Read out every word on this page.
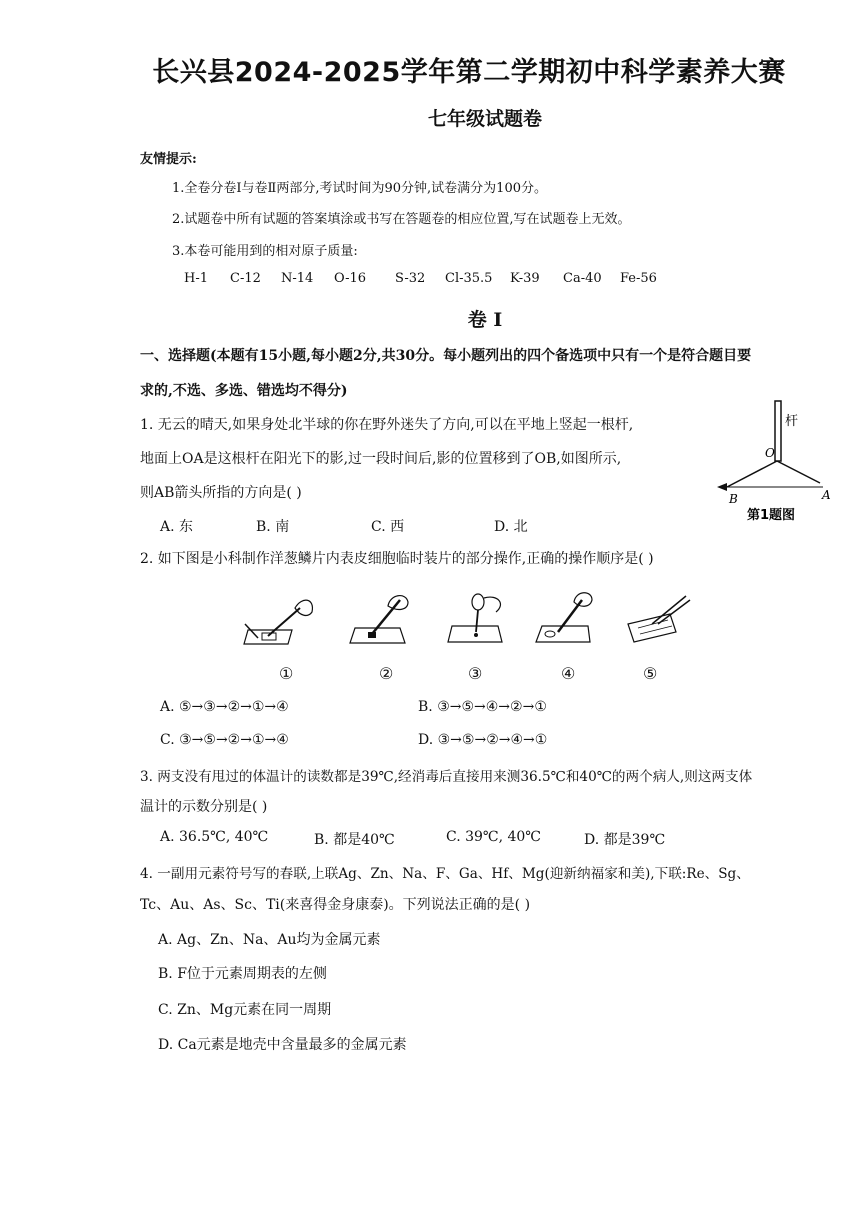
长兴县2024-2025学年第二学期初中科学素养大赛
七年级试题卷
友情提示:
1.全卷分卷Ⅰ与卷Ⅱ两部分,考试时间为90分钟,试卷满分为100分。
2.试题卷中所有试题的答案填涂或书写在答题卷的相应位置,写在试题卷上无效。
3.本卷可能用到的相对原子质量:
H-1 C-12 N-14 O-16 S-32 Cl-35.5 K-39 Ca-40 Fe-56
卷 I
一、选择题(本题有15小题,每小题2分,共30分。每小题列出的四个备选项中只有一个是符合题目要
求的,不选、多选、错选均不得分)
1. 无云的晴天,如果身处北半球的你在野外迷失了方向,可以在平地上竖起一根杆,
地面上OA是这根杆在阳光下的影,过一段时间后,影的位置移到了OB,如图所示,
则AB箭头所指的方向是( )
A. 东	B. 南	C. 西	D. 北
杆
O
B	A
第1题图
2. 如下图是小科制作洋葱鳞片内表皮细胞临时装片的部分操作,正确的操作顺序是( )
①	②	③	④	⑤
A. ⑤→③→②→①→④	B. ③→⑤→④→②→①
C. ③→⑤→②→①→④	D. ③→⑤→②→④→①
3. 两支没有甩过的体温计的读数都是39℃,经消毒后直接用来测36.5℃和40℃的两个病人,则这两支体
温计的示数分别是( )
A. 36.5℃, 40℃	B. 都是40℃	C. 39℃, 40℃	D. 都是39℃
4. 一副用元素符号写的春联,上联Ag、Zn、Na、F、Ga、Hf、Mg(迎新纳福家和美),下联:Re、Sg、
Tc、Au、As、Sc、Ti(来喜得金身康泰)。下列说法正确的是( )
A. Ag、Zn、Na、Au均为金属元素
B. F位于元素周期表的左侧
C. Zn、Mg元素在同一周期
D. Ca元素是地壳中含量最多的金属元素
